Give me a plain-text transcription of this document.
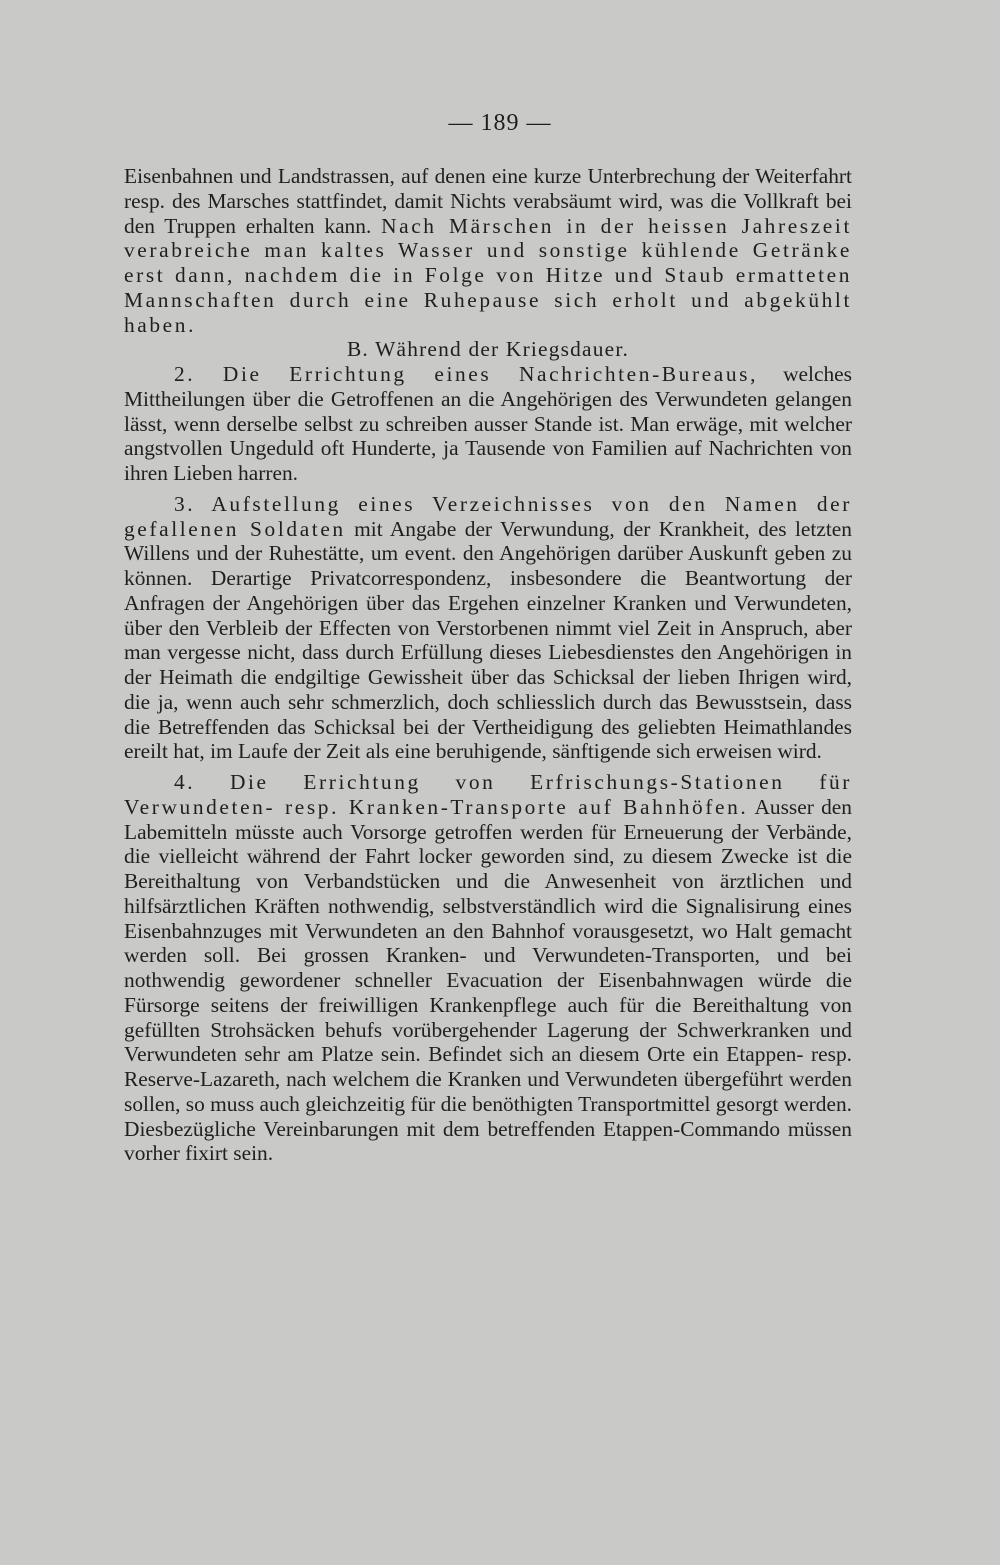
— 189 —

Eisenbahnen und Landstrassen, auf denen eine kurze Unterbrechung der Weiterfahrt resp. des Marsches stattfindet, damit Nichts verabsäumt wird, was die Vollkraft bei den Truppen erhalten kann. Nach Märschen in der heissen Jahreszeit verabreiche man kaltes Wasser und sonstige kühlende Getränke erst dann, nachdem die in Folge von Hitze und Staub ermatteten Mannschaften durch eine Ruhepause sich erholt und abgekühlt haben.

B. Während der Kriegsdauer.

2. Die Errichtung eines Nachrichten-Bureaus, welches Mittheilungen über die Getroffenen an die Angehörigen des Verwundeten gelangen lässt, wenn derselbe selbst zu schreiben ausser Stande ist. Man erwäge, mit welcher angstvollen Ungeduld oft Hunderte, ja Tausende von Familien auf Nachrichten von ihren Lieben harren.

3. Aufstellung eines Verzeichnisses von den Namen der gefallenen Soldaten mit Angabe der Verwundung, der Krankheit, des letzten Willens und der Ruhestätte, um event. den Angehörigen darüber Auskunft geben zu können. Derartige Privatcorrespondenz, insbesondere die Beantwortung der Anfragen der Angehörigen über das Ergehen einzelner Kranken und Verwundeten, über den Verbleib der Effecten von Verstorbenen nimmt viel Zeit in Anspruch, aber man vergesse nicht, dass durch Erfüllung dieses Liebesdienstes den Angehörigen in der Heimath die endgiltige Gewissheit über das Schicksal der lieben Ihrigen wird, die ja, wenn auch sehr schmerzlich, doch schliesslich durch das Bewusstsein, dass die Betreffenden das Schicksal bei der Vertheidigung des geliebten Heimathlandes ereilt hat, im Laufe der Zeit als eine beruhigende, sänftigende sich erweisen wird.

4. Die Errichtung von Erfrischungs-Stationen für Verwundeten- resp. Kranken-Transporte auf Bahnhöfen. Ausser den Labemitteln müsste auch Vorsorge getroffen werden für Erneuerung der Verbände, die vielleicht während der Fahrt locker geworden sind, zu diesem Zwecke ist die Bereithaltung von Verbandstücken und die Anwesenheit von ärztlichen und hilfsärztlichen Kräften nothwendig, selbstverständlich wird die Signalisirung eines Eisenbahnzuges mit Verwundeten an den Bahnhof vorausgesetzt, wo Halt gemacht werden soll. Bei grossen Kranken- und Verwundeten-Transporten, und bei nothwendig gewordener schneller Evacuation der Eisenbahnwagen würde die Fürsorge seitens der freiwilligen Krankenpflege auch für die Bereithaltung von gefüllten Strohsäcken behufs vorübergehender Lagerung der Schwerkranken und Verwundeten sehr am Platze sein. Befindet sich an diesem Orte ein Etappen- resp. Reserve-Lazareth, nach welchem die Kranken und Verwundeten übergeführt werden sollen, so muss auch gleichzeitig für die benöthigten Transportmittel gesorgt werden. Diesbezügliche Vereinbarungen mit dem betreffenden Etappen-Commando müssen vorher fixirt sein.
